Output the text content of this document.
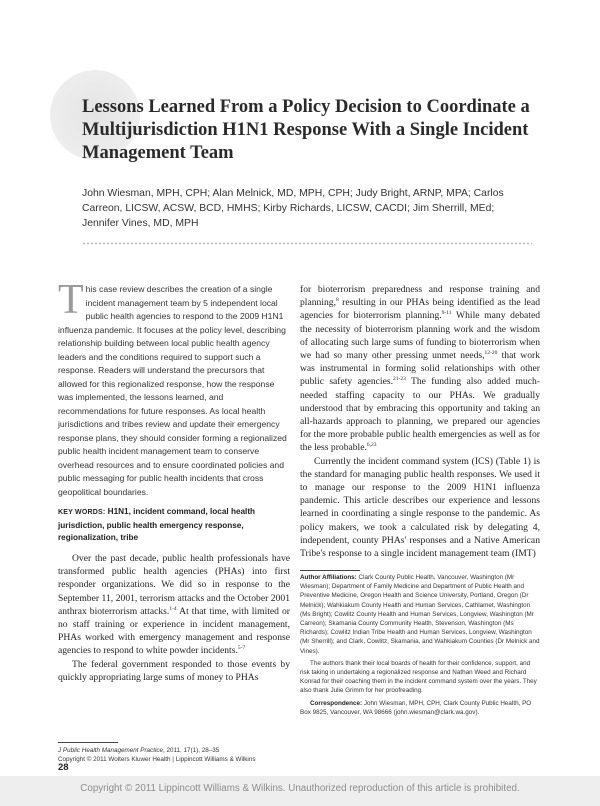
Lessons Learned From a Policy Decision to Coordinate a Multijurisdiction H1N1 Response With a Single Incident Management Team
John Wiesman, MPH, CPH; Alan Melnick, MD, MPH, CPH; Judy Bright, ARNP, MPA; Carlos Carreon, LICSW, ACSW, BCD, HMHS; Kirby Richards, LICSW, CACDI; Jim Sherrill, MEd; Jennifer Vines, MD, MPH
This case review describes the creation of a single incident management team by 5 independent local public health agencies to respond to the 2009 H1N1 influenza pandemic. It focuses at the policy level, describing relationship building between local public health agency leaders and the conditions required to support such a response. Readers will understand the precursors that allowed for this regionalized response, how the response was implemented, the lessons learned, and recommendations for future responses. As local health jurisdictions and tribes review and update their emergency response plans, they should consider forming a regionalized public health incident management team to conserve overhead resources and to ensure coordinated policies and public messaging for public health incidents that cross geopolitical boundaries.
KEY WORDS: H1N1, incident command, local health jurisdiction, public health emergency response, regionalization, tribe

Over the past decade, public health professionals have transformed public health agencies (PHAs) into first responder organizations. We did so in response to the September 11, 2001, terrorism attacks and the October 2001 anthrax bioterrorism attacks.$^{1-4}$ At that time, with limited or no staff training or experience in incident management, PHAs worked with emergency management and response agencies to respond to white powder incidents.$^{5-7}$

The federal government responded to those events by quickly appropriating large sums of money to PHAs

for bioterrorism preparedness and response training and planning,$^8$ resulting in our PHAs being identified as the lead agencies for bioterrorism planning.$^{9-11}$ While many debated the necessity of bioterrorism planning work and the wisdom of allocating such large sums of funding to bioterrorism when we had so many other pressing unmet needs,$^{12-20}$ that work was instrumental in forming solid relationships with other public safety agencies.$^{21-23}$ The funding also added much-needed staffing capacity to our PHAs. We gradually understood that by embracing this opportunity and taking an all-hazards approach to planning, we prepared our agencies for the more probable public health emergencies as well as for the less probable.$^{6,23}$

Currently the incident command system (ICS) (Table 1) is the standard for managing public health responses. We used it to manage our response to the 2009 H1N1 influenza pandemic. This article describes our experience and lessons learned in coordinating a single response to the pandemic. As policy makers, we took a calculated risk by delegating 4, independent, county PHAs' responses and a Native American Tribe's response to a single incident management team (IMT)

Author Affiliations: Clark County Public Health, Vancouver, Washington (Mr Wiesman); Department of Family Medicine and Department of Public Health and Preventive Medicine, Oregon Health and Science University, Portland, Oregon (Dr Melnick); Wahkiakum County Health and Human Services, Cathlamet, Washington (Ms Bright); Cowlitz County Health and Human Services, Longview, Washington (Mr Carreon); Skamania County Community Health, Stevenson, Washington (Ms Richards); Cowlitz Indian Tribe Health and Human Services, Longview, Washington (Mr Sherrill); and Clark, Cowlitz, Skamania, and Wahkiakum Counties (Dr Melnick and Vines).

The authors thank their local boards of health for their confidence, support, and risk taking in undertaking a regionalized response and Nathan Weed and Richard Konrad for their coaching them in the incident command system over the years. They also thank Julie Grimm for her proofreading.

Correspondence: John Wiesman, MPH, CPH, Clark County Public Health, PO Box 9825, Vancouver, WA 98666 (john.wiesman@clark.wa.gov).

J Public Health Management Practice, 2011, 17(1), 28–35
Copyright © 2011 Wolters Kluwer Health | Lippincott Williams & Wilkins
28
Copyright © 2011 Lippincott Williams & Wilkins. Unauthorized reproduction of this article is prohibited.
